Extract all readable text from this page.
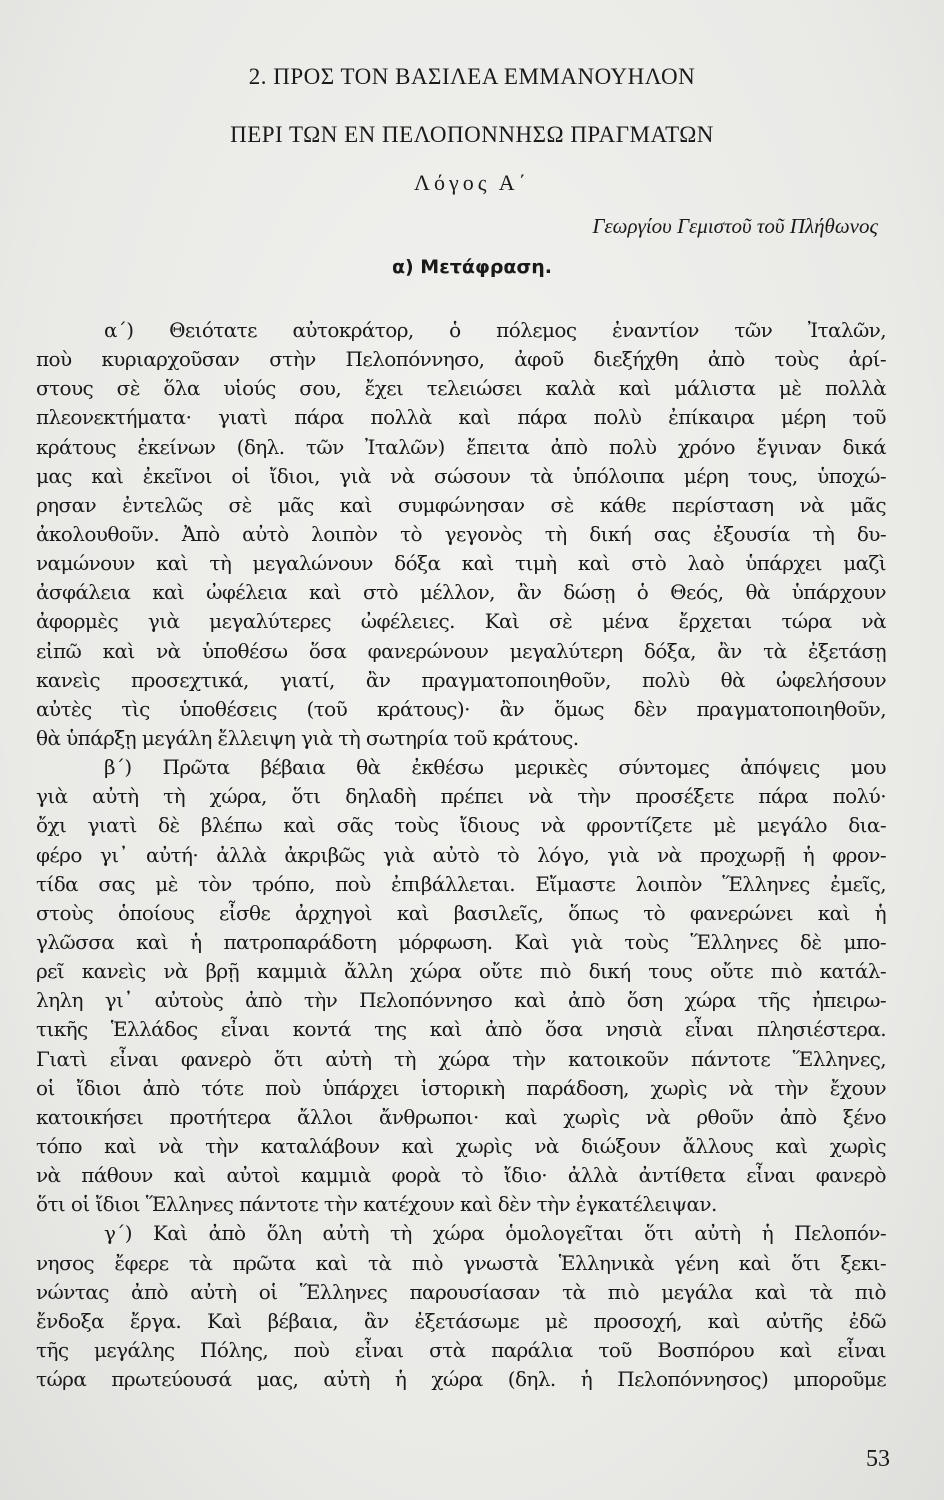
2. ΠΡΟΣ ΤΟΝ ΒΑΣΙΛΕΑ ΕΜΜΑΝΟΥΗΛΟΝ
ΠΕΡΙ ΤΩΝ ΕΝ ΠΕΛΟΠΟΝΝΗΣΩ ΠΡΑΓΜΑΤΩΝ
Λόγος Α΄
Γεωργίου Γεμιστοῦ τοῦ Πλήθωνος
α) Μετάφραση.
α΄) Θειότατε αὐτοκράτορ, ὁ πόλεμος ἐναντίον τῶν Ἰταλῶν,
ποὺ κυριαρχοῦσαν στὴν Πελοπόννησο, ἀφοῦ διεξήχθη ἀπὸ τοὺς ἀρί-
στους σὲ ὅλα υἱούς σου, ἔχει τελειώσει καλὰ καὶ μάλιστα μὲ πολλὰ
πλεονεκτήματα· γιατὶ πάρα πολλὰ καὶ πάρα πολὺ ἐπίκαιρα μέρη τοῦ
κράτους ἐκείνων (δηλ. τῶν Ἰταλῶν) ἔπειτα ἀπὸ πολὺ χρόνο ἔγιναν δικά
μας καὶ ἐκεῖνοι οἱ ἴδιοι, γιὰ νὰ σώσουν τὰ ὑπόλοιπα μέρη τους, ὑποχώ-
ρησαν ἐντελῶς σὲ μᾶς καὶ συμφώνησαν σὲ κάθε περίσταση νὰ μᾶς
ἀκολουθοῦν. Ἀπὸ αὐτὸ λοιπὸν τὸ γεγονὸς τὴ δική σας ἐξουσία τὴ δυ-
ναμώνουν καὶ τὴ μεγαλώνουν δόξα καὶ τιμὴ καὶ στὸ λαὸ ὑπάρχει μαζὶ
ἀσφάλεια καὶ ὠφέλεια καὶ στὸ μέλλον, ἂν δώσῃ ὁ Θεός, θὰ ὑπάρχουν
ἀφορμὲς γιὰ μεγαλύτερες ὠφέλειες. Καὶ σὲ μένα ἔρχεται τώρα νὰ
εἰπῶ καὶ νὰ ὑποθέσω ὅσα φανερώνουν μεγαλύτερη δόξα, ἂν τὰ ἐξετάσῃ
κανεὶς προσεχτικά, γιατί, ἂν πραγματοποιηθοῦν, πολὺ θὰ ὠφελήσουν
αὐτὲς τὶς ὑποθέσεις (τοῦ κράτους)· ἂν ὅμως δὲν πραγματοποιηθοῦν,
θὰ ὑπάρξῃ μεγάλη ἔλλειψη γιὰ τὴ σωτηρία τοῦ κράτους.
β΄) Πρῶτα βέβαια θὰ ἐκθέσω μερικὲς σύντομες ἀπόψεις μου
γιὰ αὐτὴ τὴ χώρα, ὅτι δηλαδὴ πρέπει νὰ τὴν προσέξετε πάρα πολύ·
ὄχι γιατὶ δὲ βλέπω καὶ σᾶς τοὺς ἴδιους νὰ φροντίζετε μὲ μεγάλο δια-
φέρο γι᾽ αὐτή· ἀλλὰ ἀκριβῶς γιὰ αὐτὸ τὸ λόγο, γιὰ νὰ προχωρῇ ἡ φρον-
τίδα σας μὲ τὸν τρόπο, ποὺ ἐπιβάλλεται. Εἴμαστε λοιπὸν Ἕλληνες ἐμεῖς,
στοὺς ὁποίους εἶσθε ἀρχηγοὶ καὶ βασιλεῖς, ὅπως τὸ φανερώνει καὶ ἡ
γλῶσσα καὶ ἡ πατροπαράδοτη μόρφωση. Καὶ γιὰ τοὺς Ἕλληνες δὲ μπο-
ρεῖ κανεὶς νὰ βρῇ καμμιὰ ἄλλη χώρα οὔτε πιὸ δική τους οὔτε πιὸ κατάλ-
ληλη γι᾽ αὐτοὺς ἀπὸ τὴν Πελοπόννησο καὶ ἀπὸ ὅση χώρα τῆς ἠπειρω-
τικῆς Ἑλλάδος εἶναι κοντά της καὶ ἀπὸ ὅσα νησιὰ εἶναι πλησιέστερα.
Γιατὶ εἶναι φανερὸ ὅτι αὐτὴ τὴ χώρα τὴν κατοικοῦν πάντοτε Ἕλληνες,
οἱ ἴδιοι ἀπὸ τότε ποὺ ὑπάρχει ἱστορικὴ παράδοση, χωρὶς νὰ τὴν ἔχουν
κατοικήσει προτήτερα ἄλλοι ἄνθρωποι· καὶ χωρὶς νὰ ρθοῦν ἀπὸ ξένο
τόπο καὶ νὰ τὴν καταλάβουν καὶ χωρὶς νὰ διώξουν ἄλλους καὶ χωρὶς
νὰ πάθουν καὶ αὐτοὶ καμμιὰ φορὰ τὸ ἴδιο· ἀλλὰ ἀντίθετα εἶναι φανερὸ
ὅτι οἱ ἴδιοι Ἕλληνες πάντοτε τὴν κατέχουν καὶ δὲν τὴν ἐγκατέλειψαν.
γ΄) Καὶ ἀπὸ ὅλη αὐτὴ τὴ χώρα ὁμολογεῖται ὅτι αὐτὴ ἡ Πελοπόν-
νησος ἔφερε τὰ πρῶτα καὶ τὰ πιὸ γνωστὰ Ἑλληνικὰ γένη καὶ ὅτι ξεκι-
νώντας ἀπὸ αὐτὴ οἱ Ἕλληνες παρουσίασαν τὰ πιὸ μεγάλα καὶ τὰ πιὸ
ἔνδοξα ἔργα. Καὶ βέβαια, ἂν ἐξετάσωμε μὲ προσοχή, καὶ αὐτῆς ἐδῶ
τῆς μεγάλης Πόλης, ποὺ εἶναι στὰ παράλια τοῦ Βοσπόρου καὶ εἶναι
τώρα πρωτεύουσά μας, αὐτὴ ἡ χώρα (δηλ. ἡ Πελοπόννησος) μποροῦμε
53
